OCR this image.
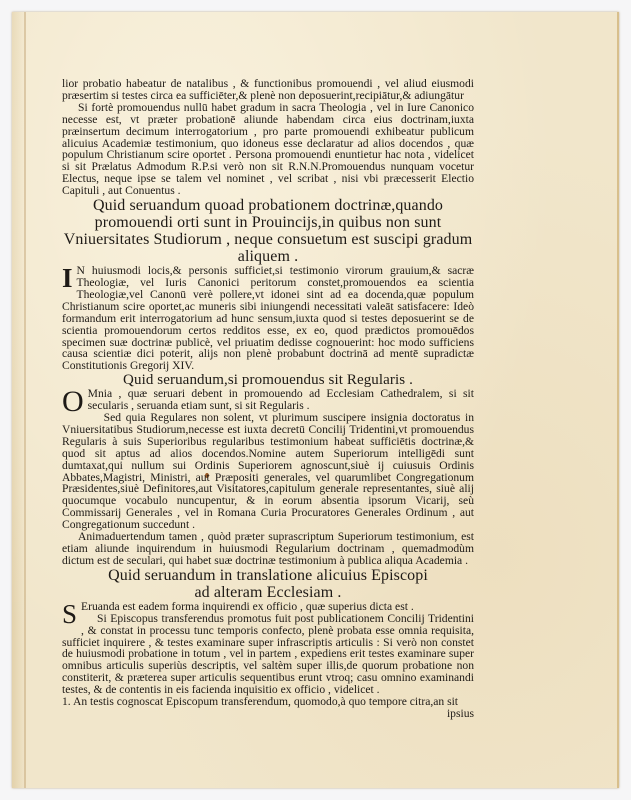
lior probatio habeatur de natalibus , & functionibus promouendi , vel aliud eiusmodi præsertim si testes circa ea sufficiēter,& plenè non deposuerint,recipiātur,& adiungātur

Si fortè promouendus nullū habet gradum in sacra Theologia , vel in Iure Canonico necesse est, vt præter probationē aliunde habendam circa eius doctrinam,iuxta præinsertum decimum interrogatorium , pro parte promouendi exhibeatur publicum alicuius Academiæ testimonium, quo idoneus esse declaratur ad alios docendos , quæ populum Christianum scire oportet . Persona promouendi enuntietur hac nota , videlicet si sit Prælatus Admodum R.P.si verò non sit R.N.N.Promouendus nunquam vocetur Electus, neque ipse se talem vel nominet , vel scribat , nisi vbi præcesserit Electio Capituli , aut Conuentus .

Quid seruandum quoad probationem doctrinæ,quando promouendi orti sunt in Prouincijs,in quibus non sunt Vniuersitates Studiorum , neque consuetum est suscipi gradum aliquem .

I N huiusmodi locis,& personis sufficiet,si testimonio virorum grauium,& sacræ Theologiæ, vel Iuris Canonici peritorum constet,promouendos ea scientia Theologiæ,vel Canonū verè pollere,vt idonei sint ad ea docenda,quæ populum Christianum scire oportet,ac muneris sibi iniungendi necessitati valeāt satisfacere: Ideò formandum erit interrogatorium ad hunc sensum,iuxta quod si testes deposuerint se de scientia promouendorum certos redditos esse, ex eo, quod prædictos promouēdos specimen suæ doctrinæ publicè, vel priuatim dedisse cognouerint: hoc modo sufficiens causa scientiæ dici poterit, alijs non plenè probabunt doctrinā ad mentē supradictæ Constitutionis Gregorij XIV.

Quid seruandum,si promouendus sit Regularis .

O Mnia , quæ seruari debent in promouendo ad Ecclesiam Cathedralem, si sit secularis , seruanda etiam sunt, si sit Regularis .

Sed quia Regulares non solent, vt plurimum suscipere insignia doctoratus in Vniuersitatibus Studiorum,necesse est iuxta decretū Concilij Tridentini,vt promouendus Regularis à suis Superioribus regularibus testimonium habeat sufficiētis doctrinæ,& quod sit aptus ad alios docendos.Nomine autem Superiorum intelligēdi sunt dumtaxat,qui nullum sui Ordinis Superiorem agnoscunt,siuè ij cuiusuis Ordinis Abbates,Magistri, Ministri, aut Præpositi generales, vel quarumlibet Congregationum Præsidentes,siuè Definitores,aut Visitatores,capitulum generale representantes, siuè alij quocumque vocabulo nuncupentur, & in eorum absentia ipsorum Vicarij, seù Commissarij Generales , vel in Romana Curia Procuratores Generales Ordinum , aut Congregationum succedunt .

Animaduertendum tamen , quòd præter suprascriptum Superiorum testimonium, est etiam aliunde inquirendum in huiusmodi Regularium doctrinam , quemadmodùm dictum est de seculari, qui habet suæ doctrinæ testimonium à publica aliqua Academia .

Quid seruandum in translatione alicuius Episcopi ad alteram Ecclesiam .

S Eruanda est eadem forma inquirendi ex officio , quæ superius dicta est .

Si Episcopus transferendus promotus fuit post publicationem Concilij Tridentini , & constat in processu tunc temporis confecto, plenè probata esse omnia requisita, sufficiet inquirere , & testes examinare super infrascriptis articulis : Si verò non constet de huiusmodi probatione in totum , vel in partem , expediens erit testes examinare super omnibus articulis superiùs descriptis, vel saltèm super illis,de quorum probatione non constiterit, & præterea super articulis sequentibus erunt vtroq; casu omnino examinandi testes, & de contentis in eis facienda inquisitio ex officio , videlicet .

1. An testis cognoscat Episcopum transferendum, quomodo,à quo tempore citra,an sit

ipsius
